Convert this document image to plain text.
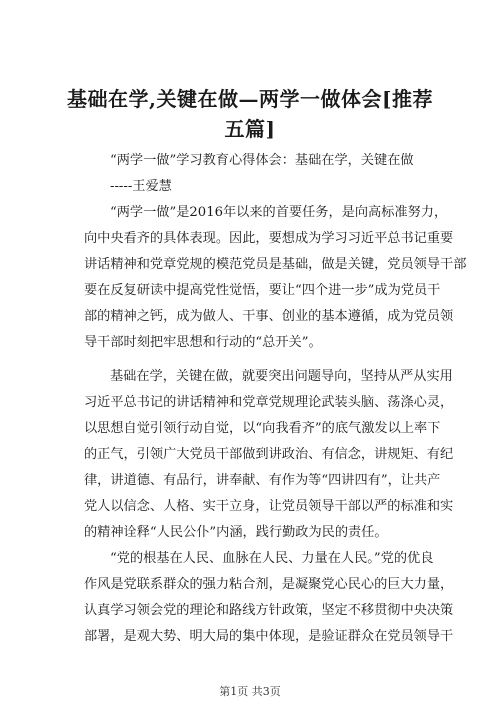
基础在学,关键在做—两学一做体会[推荐五篇]
“两学一做”学习教育心得体会：基础在学，关键在做
-----王爱慧
“两学一做”是2016年以来的首要任务，是向高标准努力，
向中央看齐的具体表现。因此，要想成为学习习近平总书记重要
讲话精神和党章党规的模范党员是基础，做是关键，党员领导干部
要在反复研读中提高党性觉悟，要让“四个进一步”成为党员干
部的精神之钙，成为做人、干事、创业的基本遵循，成为党员领
导干部时刻把牢思想和行动的“总开关”。
基础在学，关键在做，就要突出问题导向，坚持从严从实用
习近平总书记的讲话精神和党章党规理论武装头脑、荡涤心灵，
以思想自觉引领行动自觉，以“向我看齐”的底气激发以上率下
的正气，引领广大党员干部做到讲政治、有信念，讲规矩、有纪
律，讲道德、有品行，讲奉献、有作为等“四讲四有”，让共产
党人以信念、人格、实干立身，让党员领导干部以严的标准和实
的精神诠释“人民公仆”内涵，践行勤政为民的责任。
“党的根基在人民、血脉在人民、力量在人民。”党的优良
作风是党联系群众的强力粘合剂，是凝聚党心民心的巨大力量，
认真学习领会党的理论和路线方针政策，坚定不移贯彻中央决策
部署，是观大势、明大局的集中体现，是验证群众在党员领导干
第1页 共3页
